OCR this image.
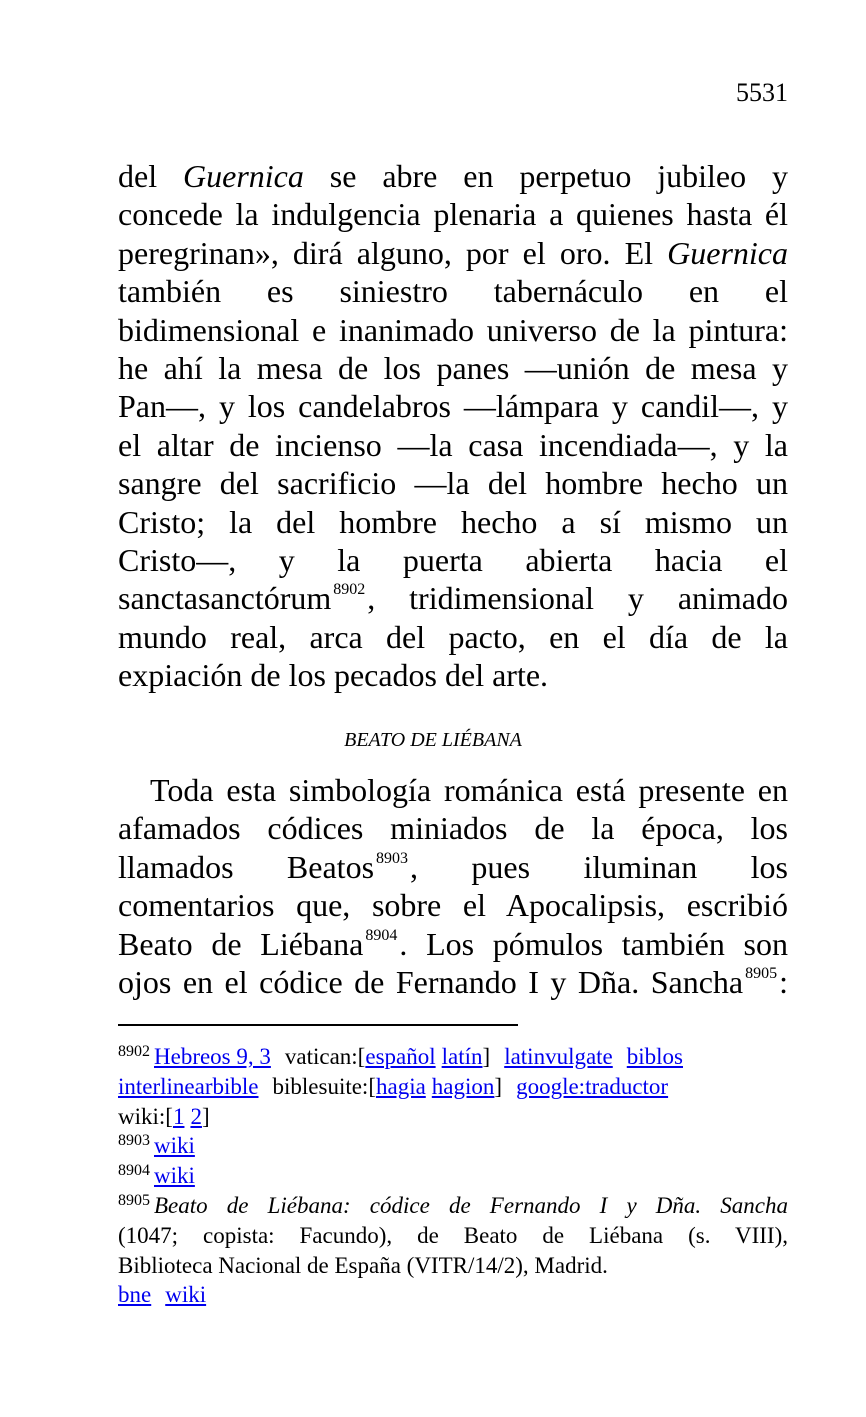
5531
del Guernica se abre en perpetuo jubileo y
concede la indulgencia plenaria a quienes hasta él
peregrinan», dirá alguno, por el oro. El Guernica
también es siniestro tabernáculo en el
bidimensional e inanimado universo de la pintura:
he ahí la mesa de los panes ―unión de mesa y
Pan―, y los candelabros ―lámpara y candil―, y
el altar de incienso ―la casa incendiada―, y la
sangre del sacrificio ―la del hombre hecho un
Cristo; la del hombre hecho a sí mismo un
Cristo―, y la puerta abierta hacia el
sanctasanctórum $^{8902}$, tridimensional y animado
mundo real, arca del pacto, en el día de la
expiación de los pecados del arte.
BEATO DE LIÉBANA
Toda esta simbología románica está presente en
afamados códices miniados de la época, los
llamados Beatos $^{8903}$, pues iluminan los
comentarios que, sobre el Apocalipsis, escribió
Beato de Liébana $^{8904}$. Los pómulos también son
ojos en el códice de Fernando I y Dña. Sancha $^{8905}$:
$^{8902}$ Hebreos 9, 3 vatican:[español latín] latinvulgate biblos
interlinearbible biblesuite:[hagia hagion] google:traductor
wiki:[1 2]
$^{8903}$ wiki
$^{8904}$ wiki
$^{8905}$ Beato de Liébana: códice de Fernando I y Dña. Sancha
(1047; copista: Facundo), de Beato de Liébana (s. VIII),
Biblioteca Nacional de España (VITR/14/2), Madrid.
bne wiki
